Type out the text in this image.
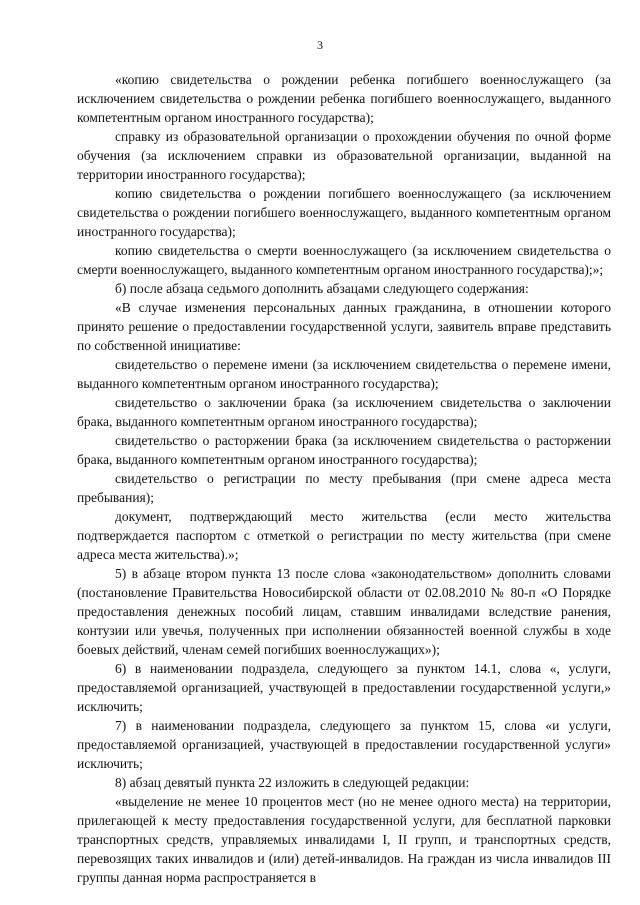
3

«копию свидетельства о рождении ребенка погибшего военнослужащего (за исключением свидетельства о рождении ребенка погибшего военнослужащего, выданного компетентным органом иностранного государства);

справку из образовательной организации о прохождении обучения по очной форме обучения (за исключением справки из образовательной организации, выданной на территории иностранного государства);

копию свидетельства о рождении погибшего военнослужащего (за исключением свидетельства о рождении погибшего военнослужащего, выданного компетентным органом иностранного государства);

копию свидетельства о смерти военнослужащего (за исключением свидетельства о смерти военнослужащего, выданного компетентным органом иностранного государства);»;

б) после абзаца седьмого дополнить абзацами следующего содержания:

«В случае изменения персональных данных гражданина, в отношении которого принято решение о предоставлении государственной услуги, заявитель вправе представить по собственной инициативе:

свидетельство о перемене имени (за исключением свидетельства о перемене имени, выданного компетентным органом иностранного государства);

свидетельство о заключении брака (за исключением свидетельства о заключении брака, выданного компетентным органом иностранного государства);

свидетельство о расторжении брака (за исключением свидетельства о расторжении брака, выданного компетентным органом иностранного государства);

свидетельство о регистрации по месту пребывания (при смене адреса места пребывания);

документ, подтверждающий место жительства (если место жительства подтверждается паспортом с отметкой о регистрации по месту жительства (при смене адреса места жительства).»;

5) в абзаце втором пункта 13 после слова «законодательством» дополнить словами (постановление Правительства Новосибирской области от 02.08.2010 № 80-п «О Порядке предоставления денежных пособий лицам, ставшим инвалидами вследствие ранения, контузии или увечья, полученных при исполнении обязанностей военной службы в ходе боевых действий, членам семей погибших военнослужащих»);

6) в наименовании подраздела, следующего за пунктом 14.1, слова «, услуги, предоставляемой организацией, участвующей в предоставлении государственной услуги,» исключить;

7) в наименовании подраздела, следующего за пунктом 15, слова «и услуги, предоставляемой организацией, участвующей в предоставлении государственной услуги» исключить;

8) абзац девятый пункта 22 изложить в следующей редакции:

«выделение не менее 10 процентов мест (но не менее одного места) на территории, прилегающей к месту предоставления государственной услуги, для бесплатной парковки транспортных средств, управляемых инвалидами I, II групп, и транспортных средств, перевозящих таких инвалидов и (или) детей-инвалидов. На граждан из числа инвалидов III группы данная норма распространяется в
